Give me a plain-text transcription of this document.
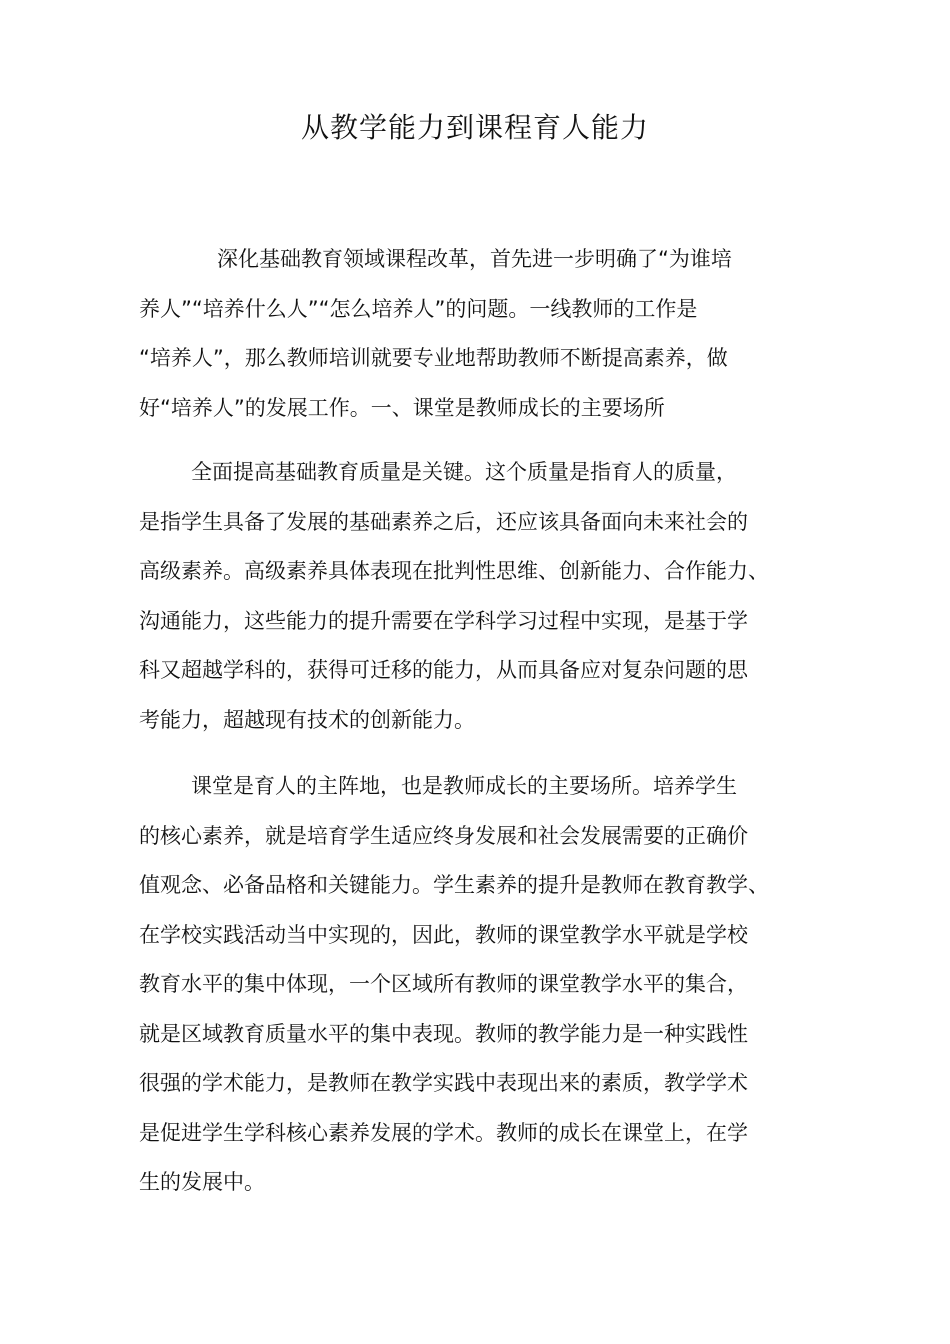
从教学能力到课程育人能力

深化基础教育领域课程改革，首先进一步明确了“为谁培
养人”“培养什么人”“怎么培养人”的问题。一线教师的工作是
“培养人”，那么教师培训就要专业地帮助教师不断提高素养，做
好“培养人”的发展工作。一、课堂是教师成长的主要场所

全面提高基础教育质量是关键。这个质量是指育人的质量，
是指学生具备了发展的基础素养之后，还应该具备面向未来社会的
高级素养。高级素养具体表现在批判性思维、创新能力、合作能力、
沟通能力，这些能力的提升需要在学科学习过程中实现，是基于学
科又超越学科的，获得可迁移的能力，从而具备应对复杂问题的思
考能力，超越现有技术的创新能力。

课堂是育人的主阵地，也是教师成长的主要场所。培养学生
的核心素养，就是培育学生适应终身发展和社会发展需要的正确价
值观念、必备品格和关键能力。学生素养的提升是教师在教育教学、
在学校实践活动当中实现的，因此，教师的课堂教学水平就是学校
教育水平的集中体现，一个区域所有教师的课堂教学水平的集合，
就是区域教育质量水平的集中表现。教师的教学能力是一种实践性
很强的学术能力，是教师在教学实践中表现出来的素质，教学学术
是促进学生学科核心素养发展的学术。教师的成长在课堂上，在学
生的发展中。
